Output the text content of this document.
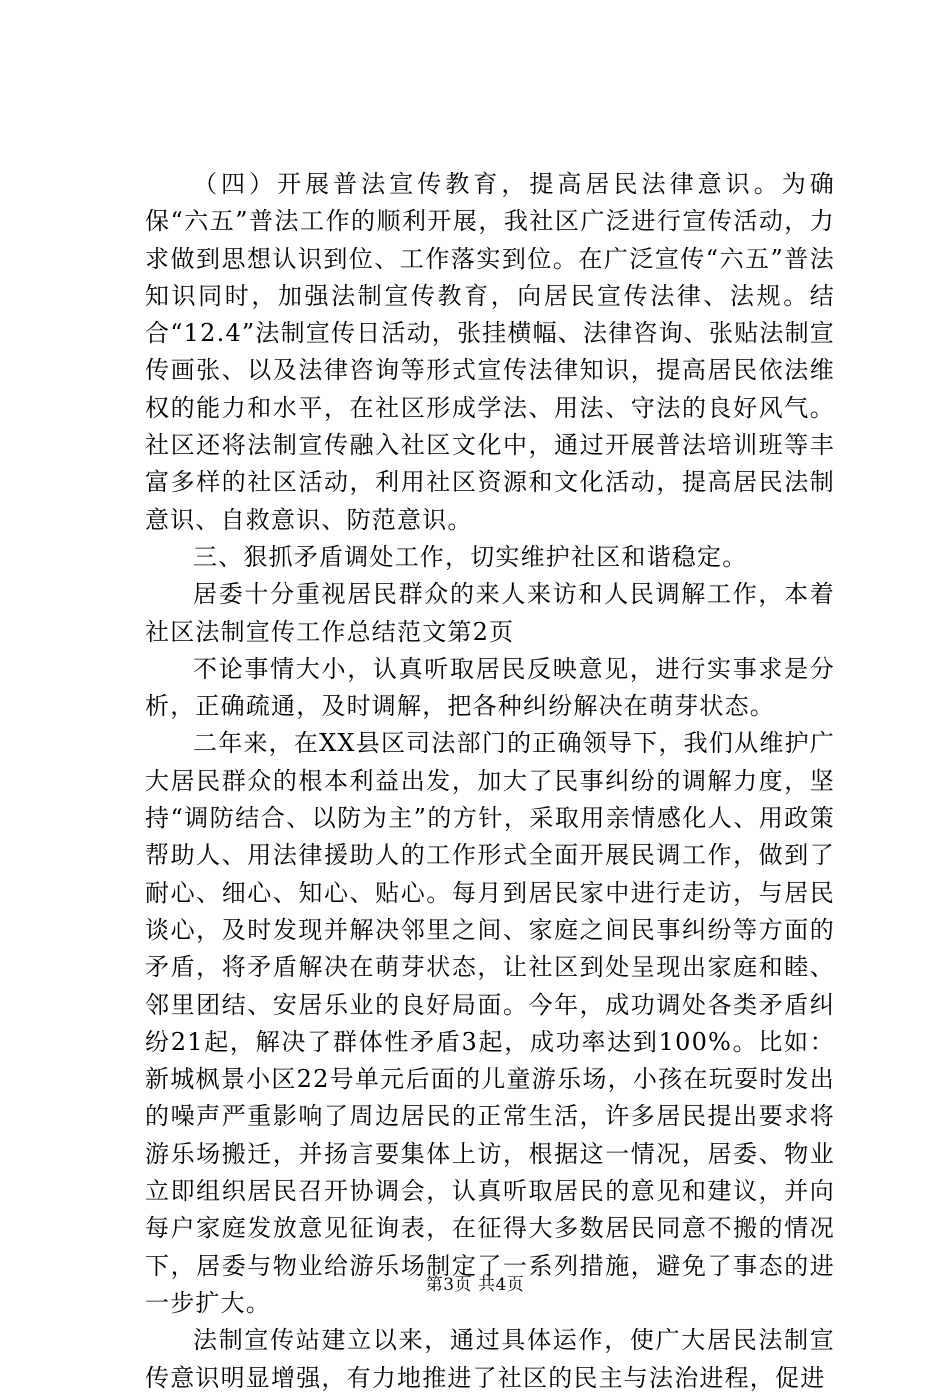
（四）开展普法宣传教育，提高居民法律意识。为确保“六五”普法工作的顺利开展，我社区广泛进行宣传活动，力求做到思想认识到位、工作落实到位。在广泛宣传“六五”普法知识同时，加强法制宣传教育，向居民宣传法律、法规。结合“12.4”法制宣传日活动，张挂横幅、法律咨询、张贴法制宣传画张、以及法律咨询等形式宣传法律知识，提高居民依法维权的能力和水平，在社区形成学法、用法、守法的良好风气。社区还将法制宣传融入社区文化中，通过开展普法培训班等丰富多样的社区活动，利用社区资源和文化活动，提高居民法制意识、自救意识、防范意识。

三、狠抓矛盾调处工作，切实维护社区和谐稳定。

居委十分重视居民群众的来人来访和人民调解工作，本着社区法制宣传工作总结范文第2页

不论事情大小，认真听取居民反映意见，进行实事求是分析，正确疏通，及时调解，把各种纠纷解决在萌芽状态。

二年来，在XX县区司法部门的正确领导下，我们从维护广大居民群众的根本利益出发，加大了民事纠纷的调解力度，坚持“调防结合、以防为主”的方针，采取用亲情感化人、用政策帮助人、用法律援助人的工作形式全面开展民调工作，做到了耐心、细心、知心、贴心。每月到居民家中进行走访，与居民谈心，及时发现并解决邻里之间、家庭之间民事纠纷等方面的矛盾，将矛盾解决在萌芽状态，让社区到处呈现出家庭和睦、邻里团结、安居乐业的良好局面。今年，成功调处各类矛盾纠纷21起，解决了群体性矛盾3起，成功率达到100%。比如：新城枫景小区22号单元后面的儿童游乐场，小孩在玩耍时发出的噪声严重影响了周边居民的正常生活，许多居民提出要求将游乐场搬迁，并扬言要集体上访，根据这一情况，居委、物业立即组织居民召开协调会，认真听取居民的意见和建议，并向每户家庭发放意见征询表，在征得大多数居民同意不搬的情况下，居委与物业给游乐场制定了一系列措施，避免了事态的进一步扩大。

法制宣传站建立以来，通过具体运作，使广大居民法制宣传意识明显增强，有力地推进了社区的民主与法治进程，促进

第3页 共4页
